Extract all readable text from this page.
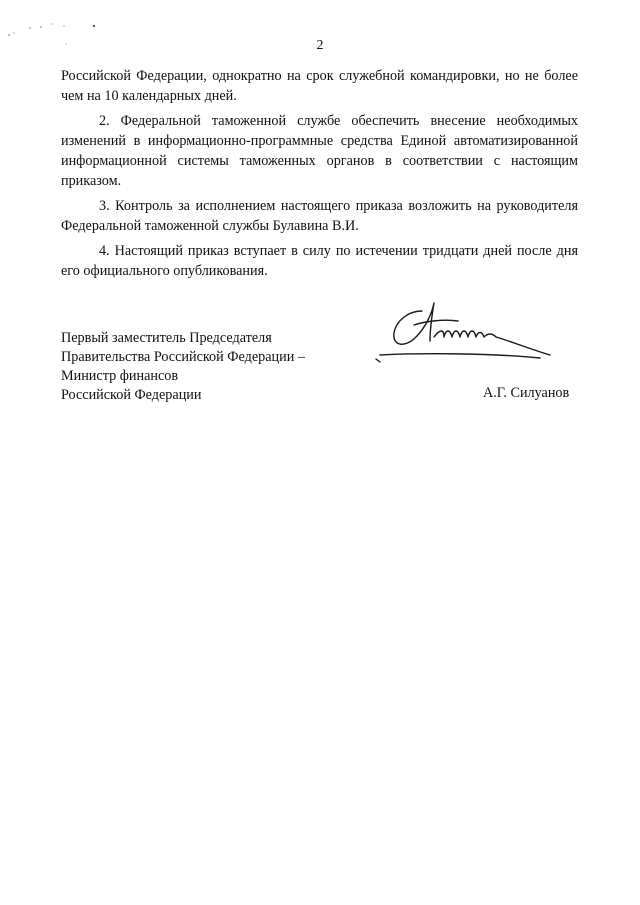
2

Российской Федерации, однократно на срок служебной командировки, но не более чем на 10 календарных дней.

2. Федеральной таможенной службе обеспечить внесение необходимых изменений в информационно-программные средства Единой автоматизированной информационной системы таможенных органов в соответствии с настоящим приказом.

3. Контроль за исполнением настоящего приказа возложить на руководителя Федеральной таможенной службы Булавина В.И.

4. Настоящий приказ вступает в силу по истечении тридцати дней после дня его официального опубликования.

Первый заместитель Председателя
Правительства Российской Федерации –
Министр финансов
Российской Федерации	А.Г. Силуанов
